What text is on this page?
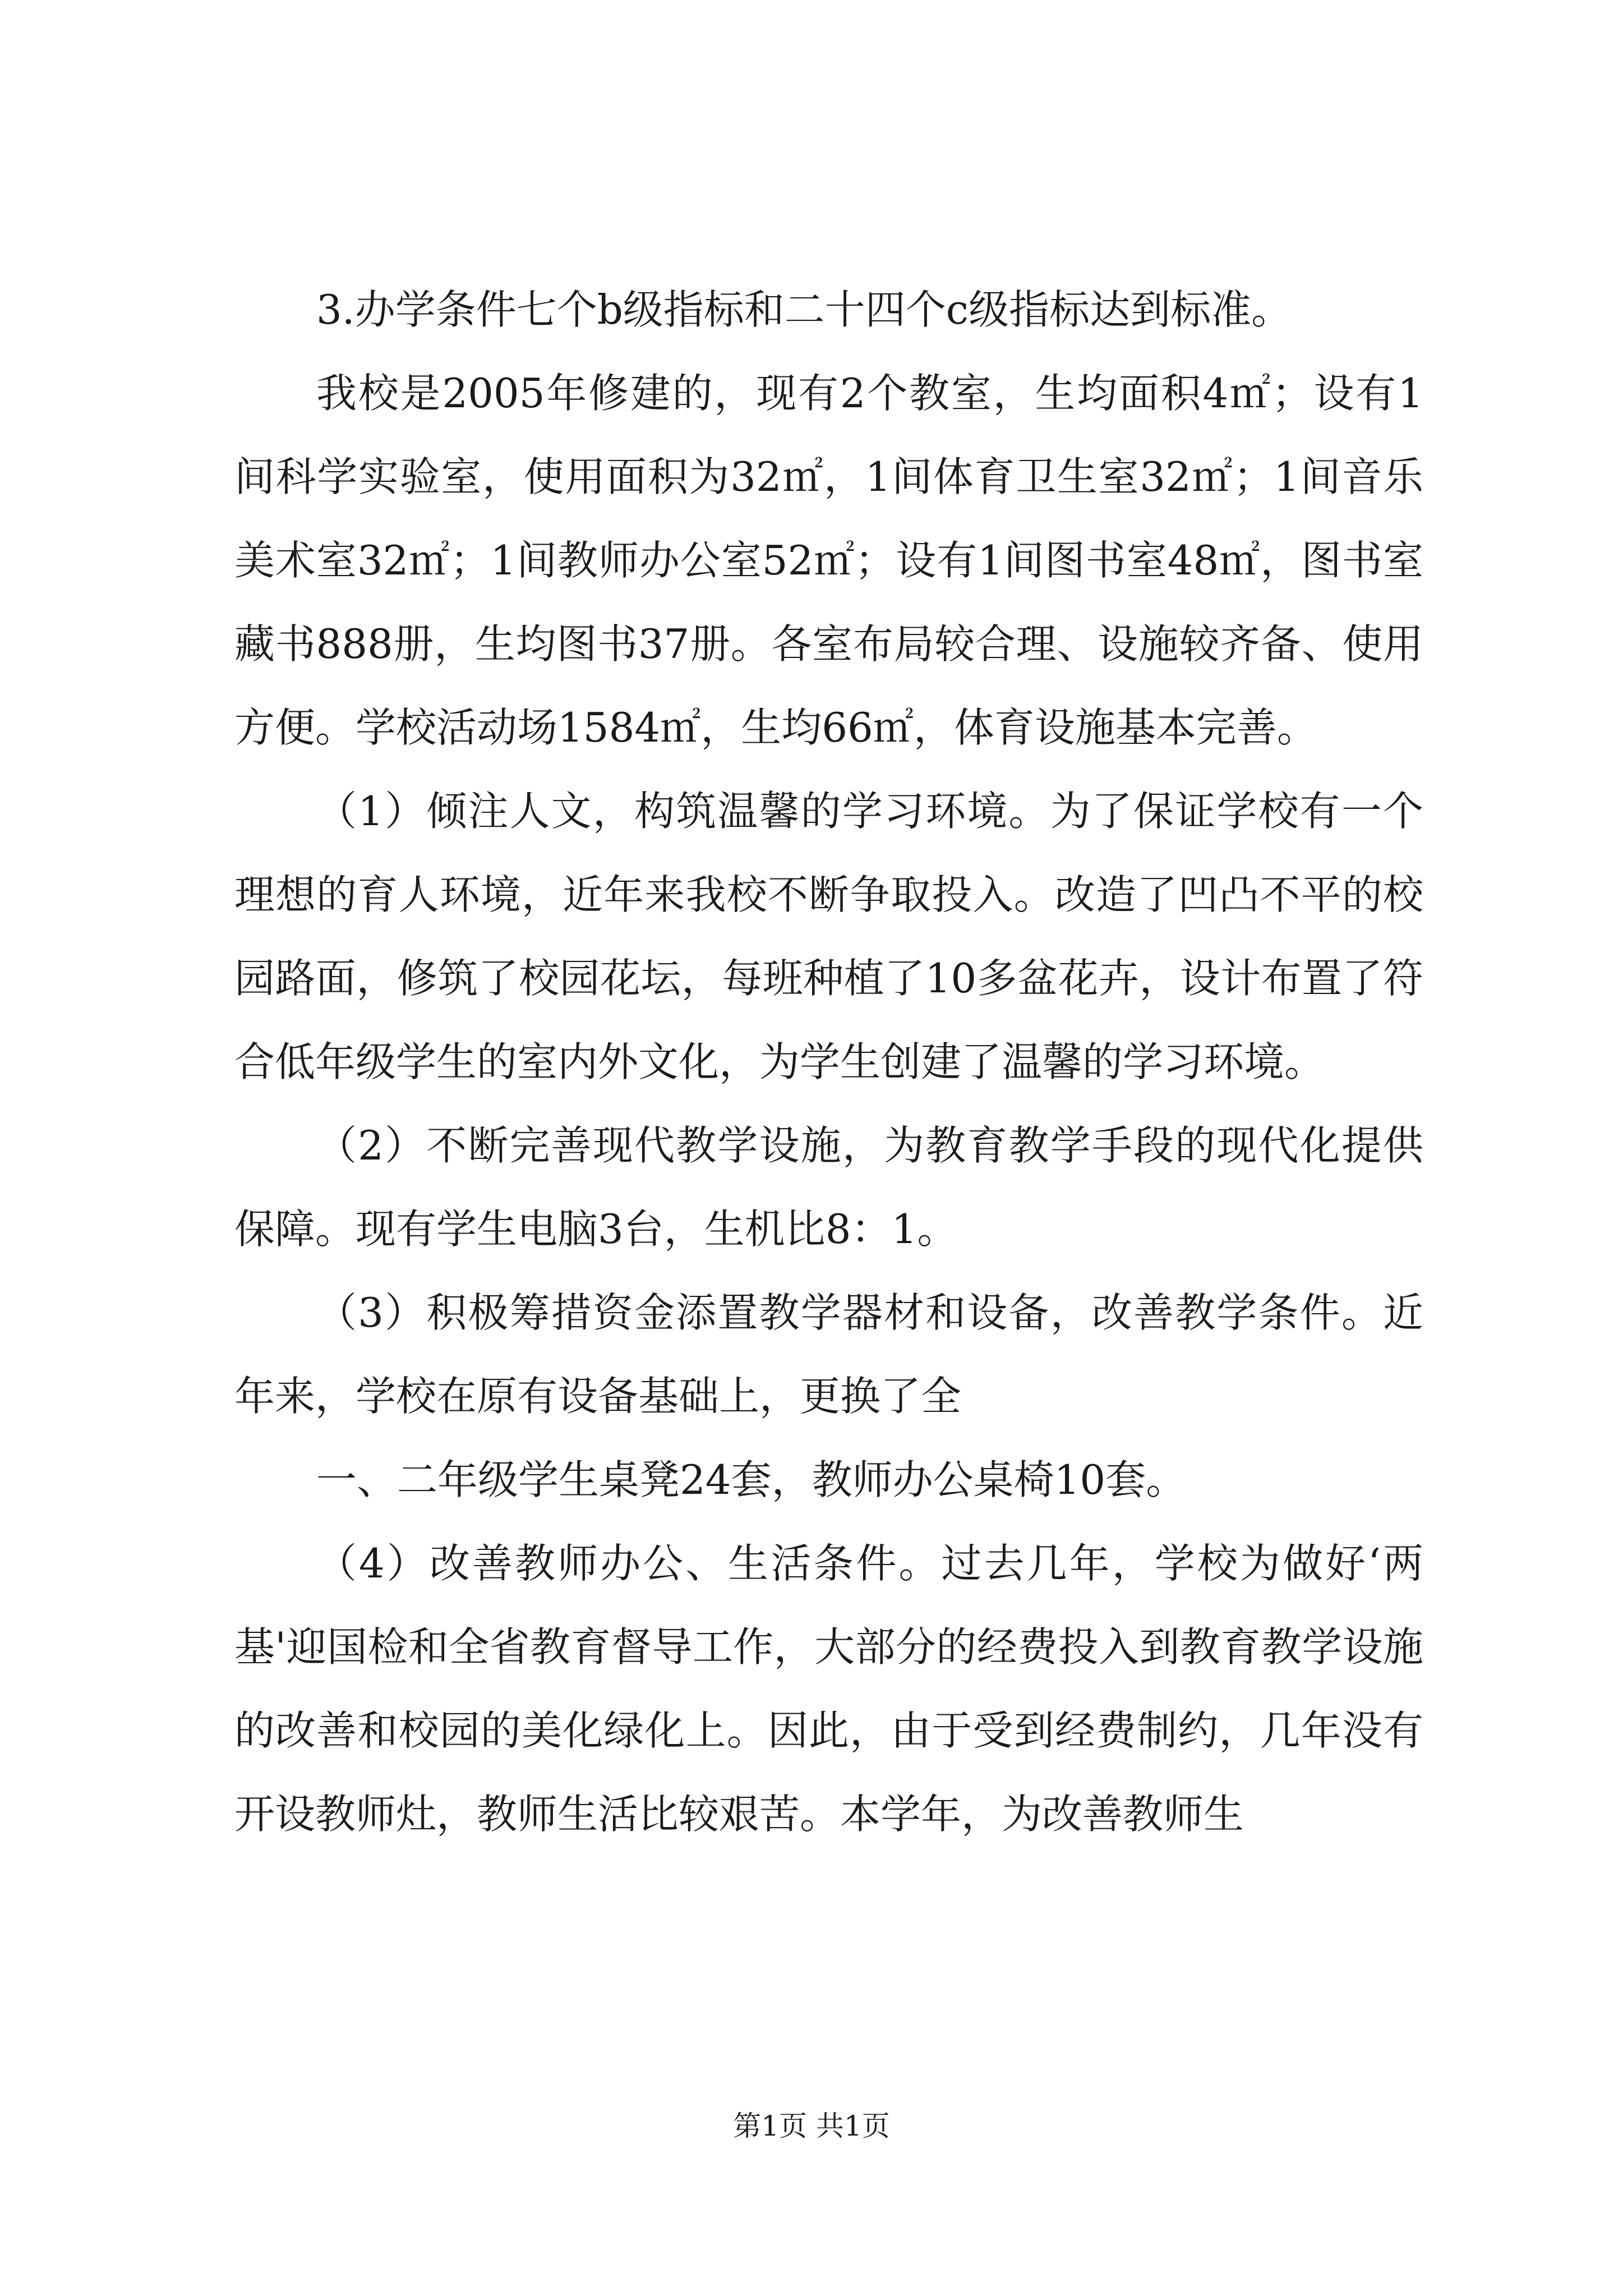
3.办学条件七个b级指标和二十四个c级指标达到标准。

我校是2005年修建的，现有2个教室，生均面积4㎡；设有1间科学实验室，使用面积为32㎡，1间体育卫生室32㎡；1间音乐美术室32㎡；1间教师办公室52㎡；设有1间图书室48㎡，图书室藏书888册，生均图书37册。各室布局较合理、设施较齐备、使用方便。学校活动场1584㎡，生均66㎡，体育设施基本完善。

（1）倾注人文，构筑温馨的学习环境。为了保证学校有一个理想的育人环境，近年来我校不断争取投入。改造了凹凸不平的校园路面，修筑了校园花坛，每班种植了10多盆花卉，设计布置了符合低年级学生的室内外文化，为学生创建了温馨的学习环境。

（2）不断完善现代教学设施，为教育教学手段的现代化提供保障。现有学生电脑3台，生机比8：1。

（3）积极筹措资金添置教学器材和设备，改善教学条件。近年来，学校在原有设备基础上，更换了全

一、二年级学生桌凳24套，教师办公桌椅10套。

（4）改善教师办公、生活条件。过去几年，学校为做好‘两基'迎国检和全省教育督导工作，大部分的经费投入到教育教学设施的改善和校园的美化绿化上。因此，由于受到经费制约，几年没有开设教师灶，教师生活比较艰苦。本学年，为改善教师生

第1页 共1页
